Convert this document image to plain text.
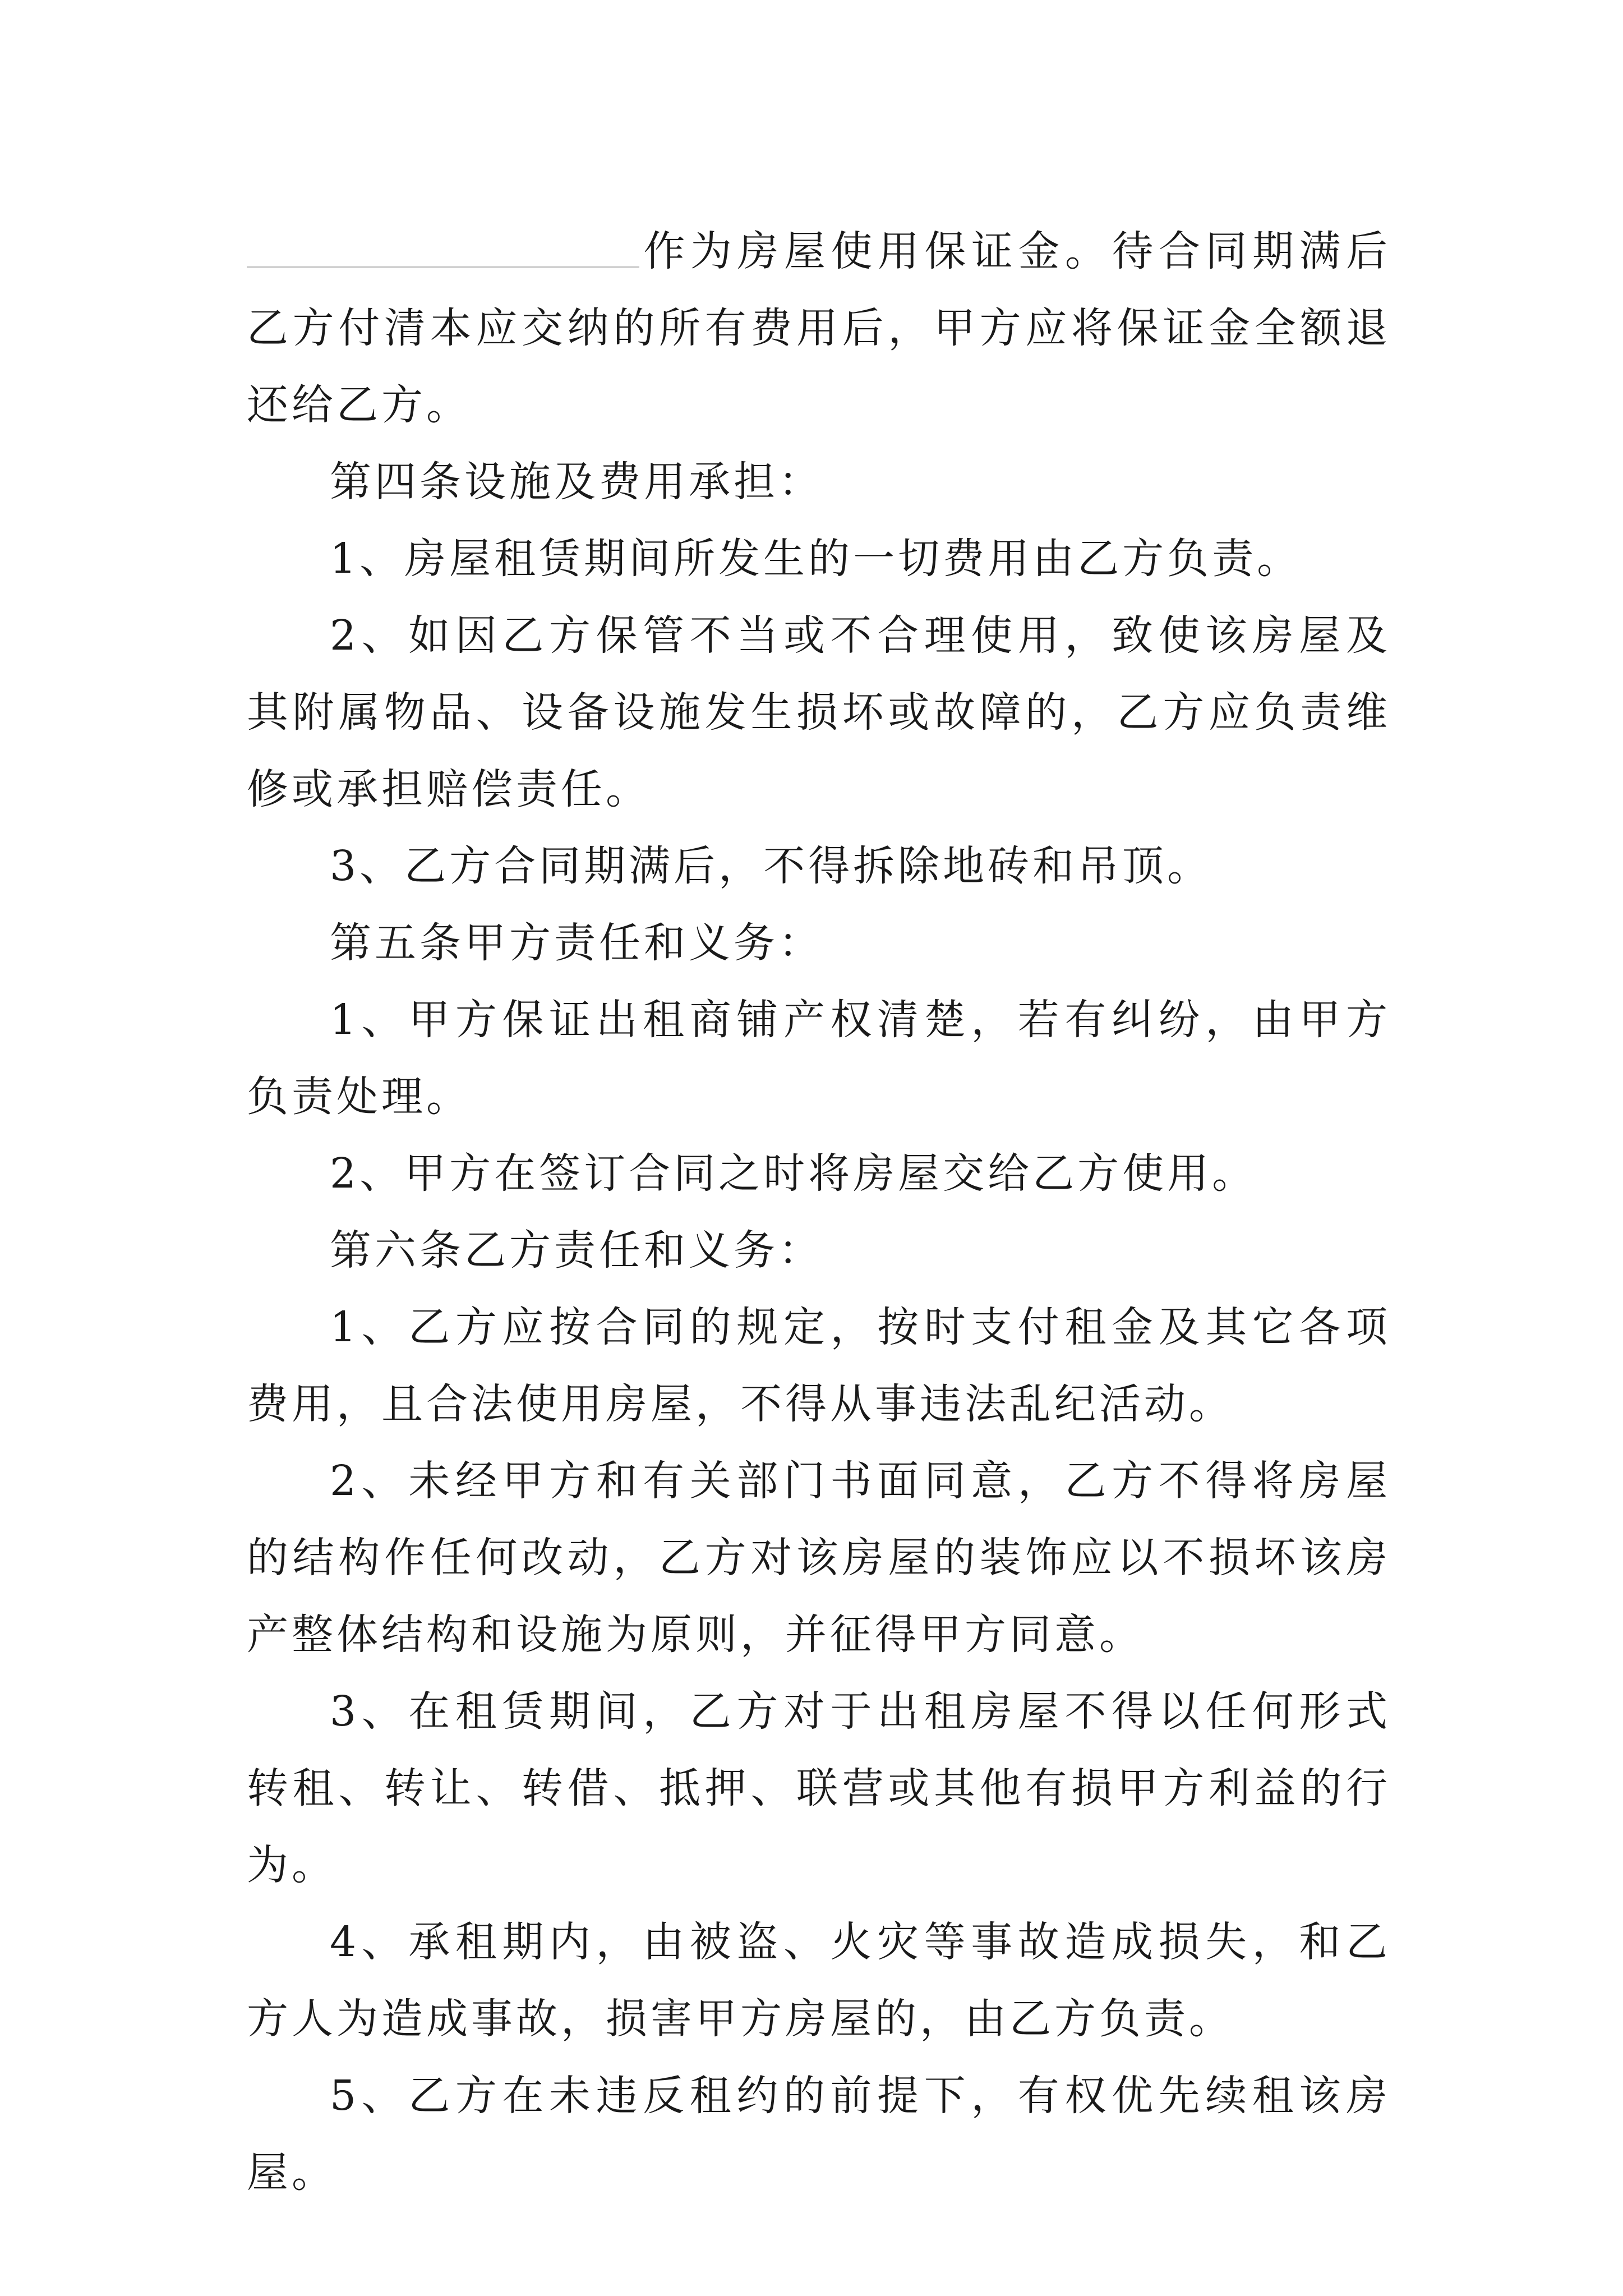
作为房屋使用保证金。待合同期满后乙方付清本应交纳的所有费用后，甲方应将保证金全额退还给乙方。

第四条设施及费用承担：

1、房屋租赁期间所发生的一切费用由乙方负责。

2、如因乙方保管不当或不合理使用，致使该房屋及其附属物品、设备设施发生损坏或故障的，乙方应负责维修或承担赔偿责任。

3、乙方合同期满后，不得拆除地砖和吊顶。

第五条甲方责任和义务：

1、甲方保证出租商铺产权清楚，若有纠纷，由甲方负责处理。

2、甲方在签订合同之时将房屋交给乙方使用。

第六条乙方责任和义务：

1、乙方应按合同的规定，按时支付租金及其它各项费用，且合法使用房屋，不得从事违法乱纪活动。

2、未经甲方和有关部门书面同意，乙方不得将房屋的结构作任何改动，乙方对该房屋的装饰应以不损坏该房产整体结构和设施为原则，并征得甲方同意。

3、在租赁期间，乙方对于出租房屋不得以任何形式转租、转让、转借、抵押、联营或其他有损甲方利益的行为。

4、承租期内，由被盗、火灾等事故造成损失，和乙方人为造成事故，损害甲方房屋的，由乙方负责。

5、乙方在未违反租约的前提下，有权优先续租该房屋。
